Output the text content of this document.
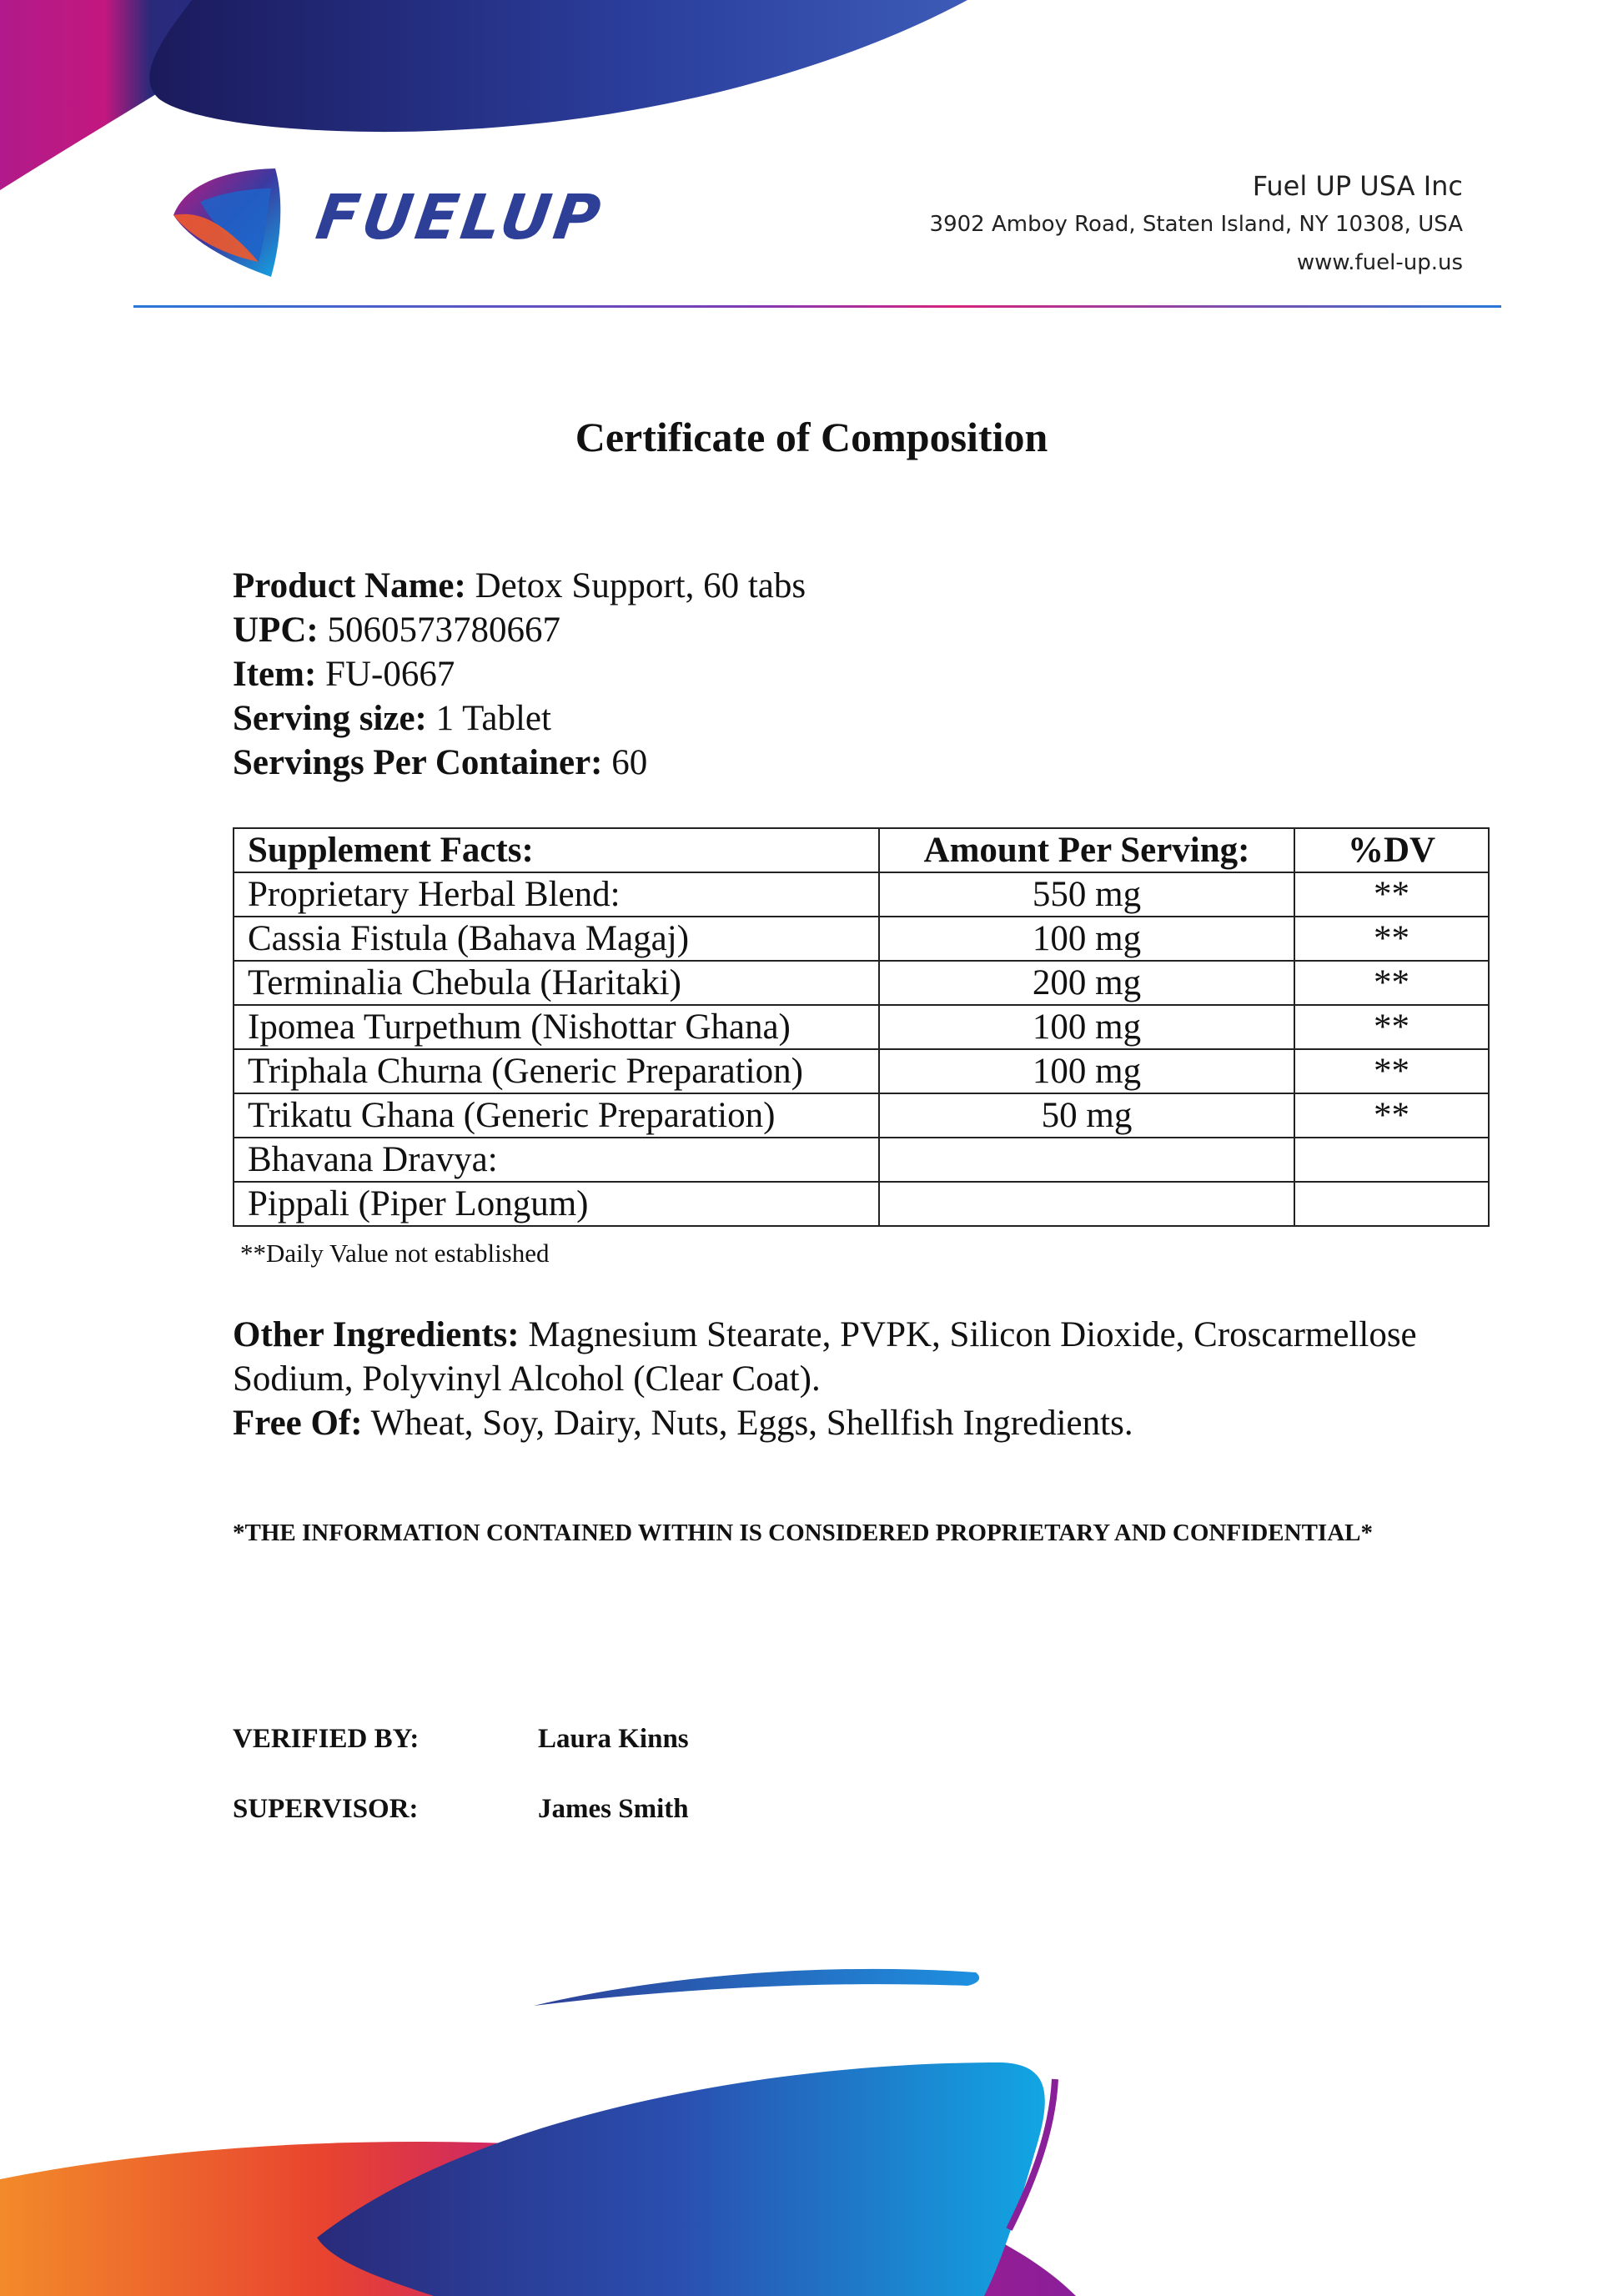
FUELUP	Fuel UP USA Inc
3902 Amboy Road, Staten Island, NY 10308, USA
www.fuel-up.us
Certificate of Composition
Product Name: Detox Support, 60 tabs
UPC: 5060573780667
Item: FU-0667
Serving size: 1 Tablet
Servings Per Container: 60
Supplement Facts:	Amount Per Serving:	%DV
Proprietary Herbal Blend:	550 mg	**
Cassia Fistula (Bahava Magaj)	100 mg	**
Terminalia Chebula (Haritaki)	200 mg	**
Ipomea Turpethum (Nishottar Ghana)	100 mg	**
Triphala Churna (Generic Preparation)	100 mg	**
Trikatu Ghana (Generic Preparation)	50 mg	**
Bhavana Dravya:		
Pippali (Piper Longum)		
**Daily Value not established
Other Ingredients: Magnesium Stearate, PVPK, Silicon Dioxide, Croscarmellose Sodium, Polyvinyl Alcohol (Clear Coat).
Free Of: Wheat, Soy, Dairy, Nuts, Eggs, Shellfish Ingredients.
*THE INFORMATION CONTAINED WITHIN IS CONSIDERED PROPRIETARY AND CONFIDENTIAL*
VERIFIED BY:	Laura Kinns
SUPERVISOR:	James Smith
